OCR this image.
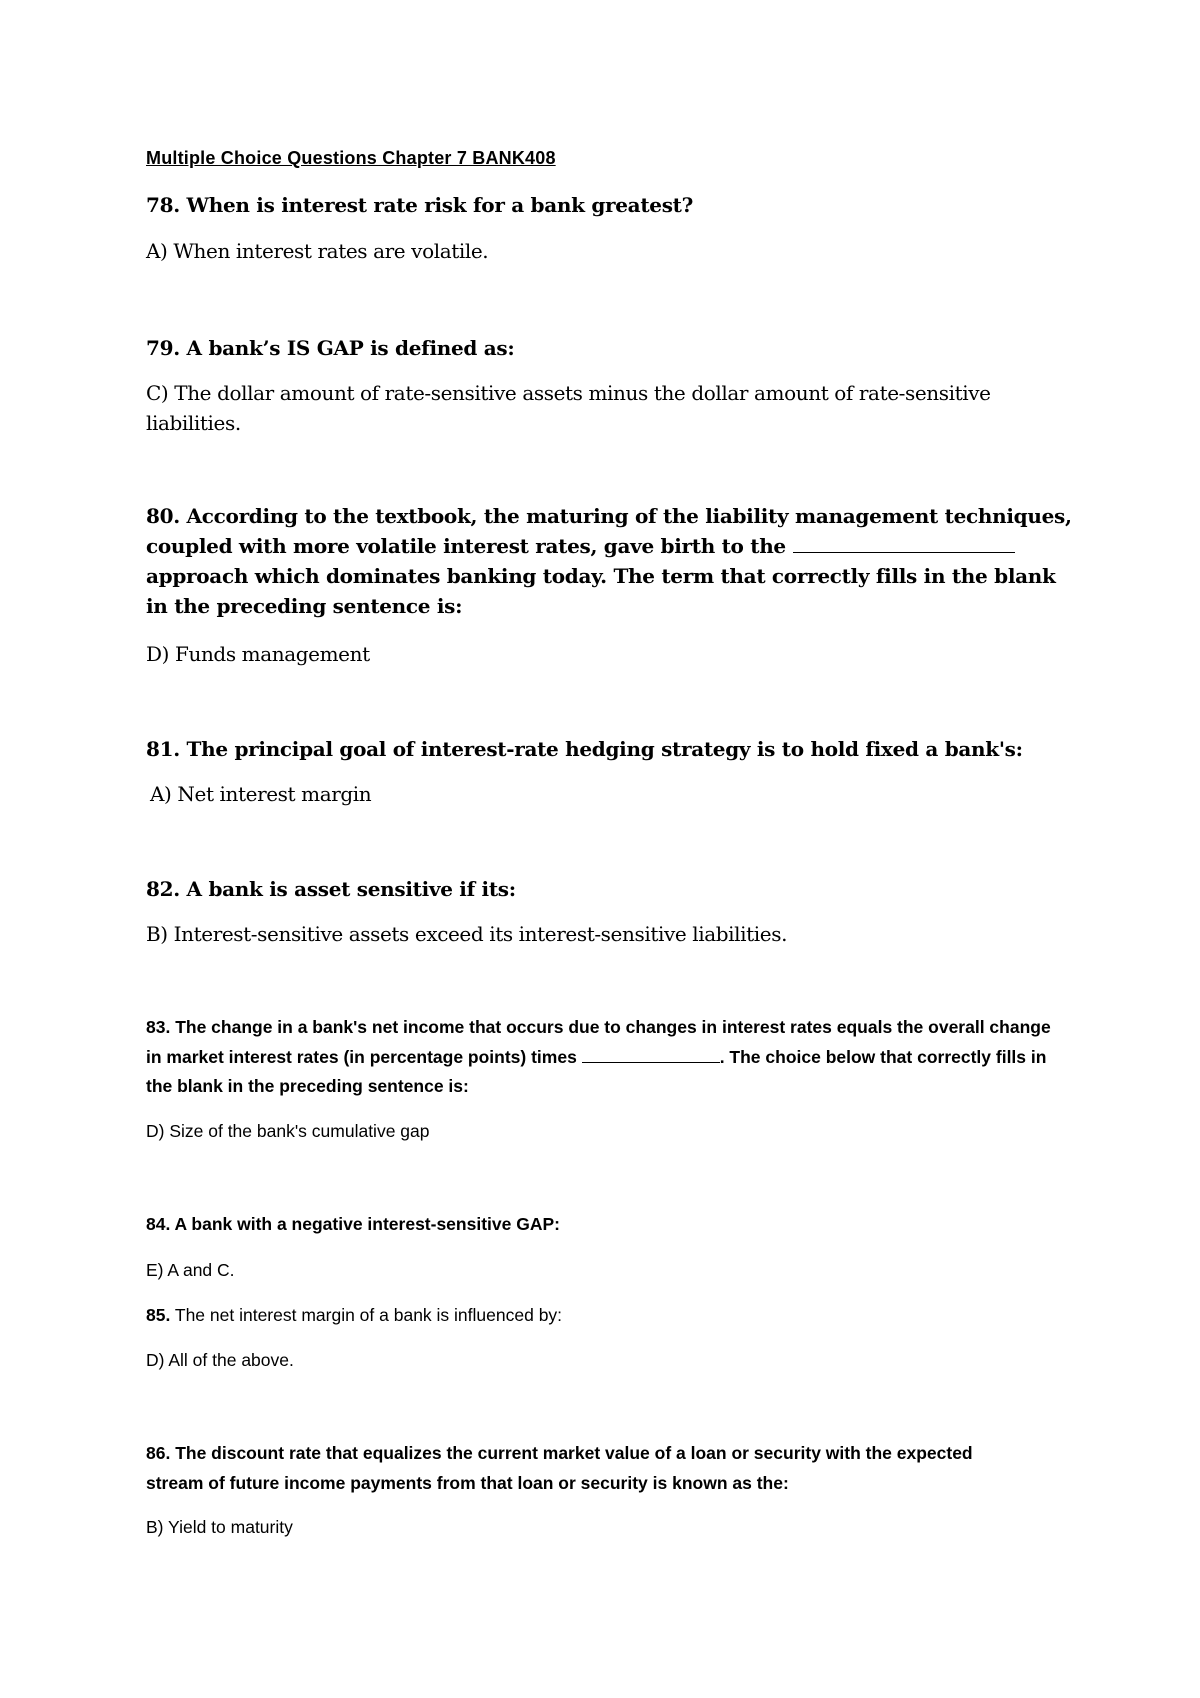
Multiple Choice Questions Chapter 7 BANK408

78. When is interest rate risk for a bank greatest?

A) When interest rates are volatile.

79. A bank’s IS GAP is defined as:

C) The dollar amount of rate-sensitive assets minus the dollar amount of rate-sensitive liabilities.

80. According to the textbook, the maturing of the liability management techniques, coupled with more volatile interest rates, gave birth to the  approach which dominates banking today. The term that correctly fills in the blank in the preceding sentence is:

D) Funds management

81. The principal goal of interest-rate hedging strategy is to hold fixed a bank's:

A) Net interest margin

82. A bank is asset sensitive if its:

B) Interest-sensitive assets exceed its interest-sensitive liabilities.

83. The change in a bank's net income that occurs due to changes in interest rates equals the overall change in market interest rates (in percentage points) times	. The choice below that correctly fills in the blank in the preceding sentence is:

D) Size of the bank's cumulative gap

84. A bank with a negative interest-sensitive GAP:

E) A and C.

85. The net interest margin of a bank is influenced by:

D) All of the above.

86. The discount rate that equalizes the current market value of a loan or security with the expected stream of future income payments from that loan or security is known as the:

B) Yield to maturity
